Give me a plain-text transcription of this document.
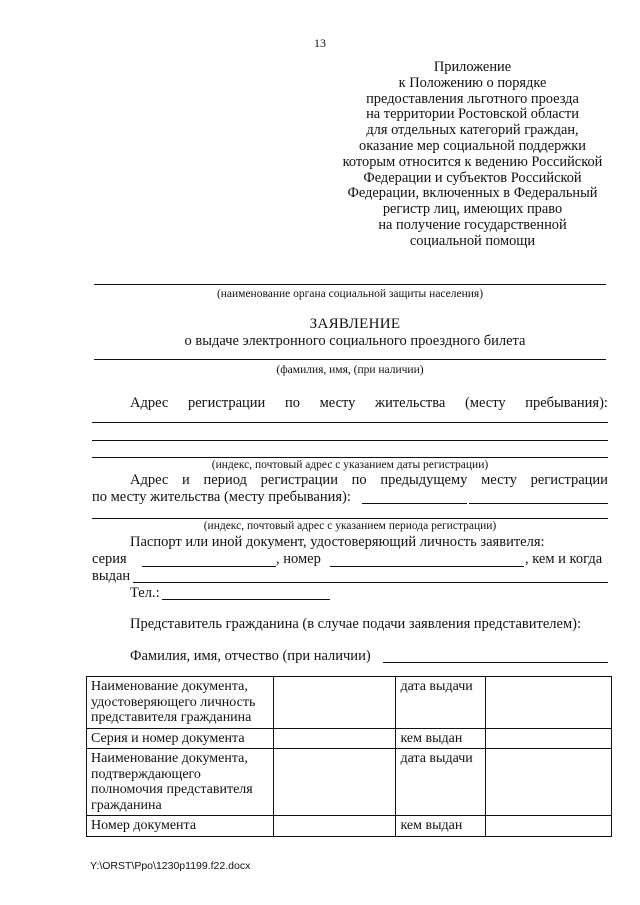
13
Приложение
к Положению о порядке
предоставления льготного проезда
на территории Ростовской области
для отдельных категорий граждан,
оказание мер социальной поддержки
которым относится к ведению Российской
Федерации и субъектов Российской
Федерации, включенных в Федеральный
регистр лиц, имеющих право
на получение государственной
социальной помощи
(наименование органа социальной защиты населения)
ЗАЯВЛЕНИЕ
о выдаче электронного социального проездного билета
(фамилия, имя, (при наличии)
Адрес регистрации по месту жительства (месту пребывания):
(индекс, почтовый адрес с указанием даты регистрации)
Адрес и период регистрации по предыдущему месту регистрации
по месту жительства (месту пребывания):
(индекс, почтовый адрес с указанием периода регистрации)
Паспорт или иной документ, удостоверяющий личность заявителя:
серия	, номер	, кем и когда
выдан
Тел.:
Представитель гражданина (в случае подачи заявления представителем):
Фамилия, имя, отчество (при наличии)
Наименование документа, удостоверяющего личность представителя гражданина		дата выдачи	
Серия и номер документа		кем выдан	
Наименование документа, подтверждающего полномочия представителя гражданина		дата выдачи	
Номер документа		кем выдан	
Y:\ORST\Ppo\1230p1199.f22.docx
